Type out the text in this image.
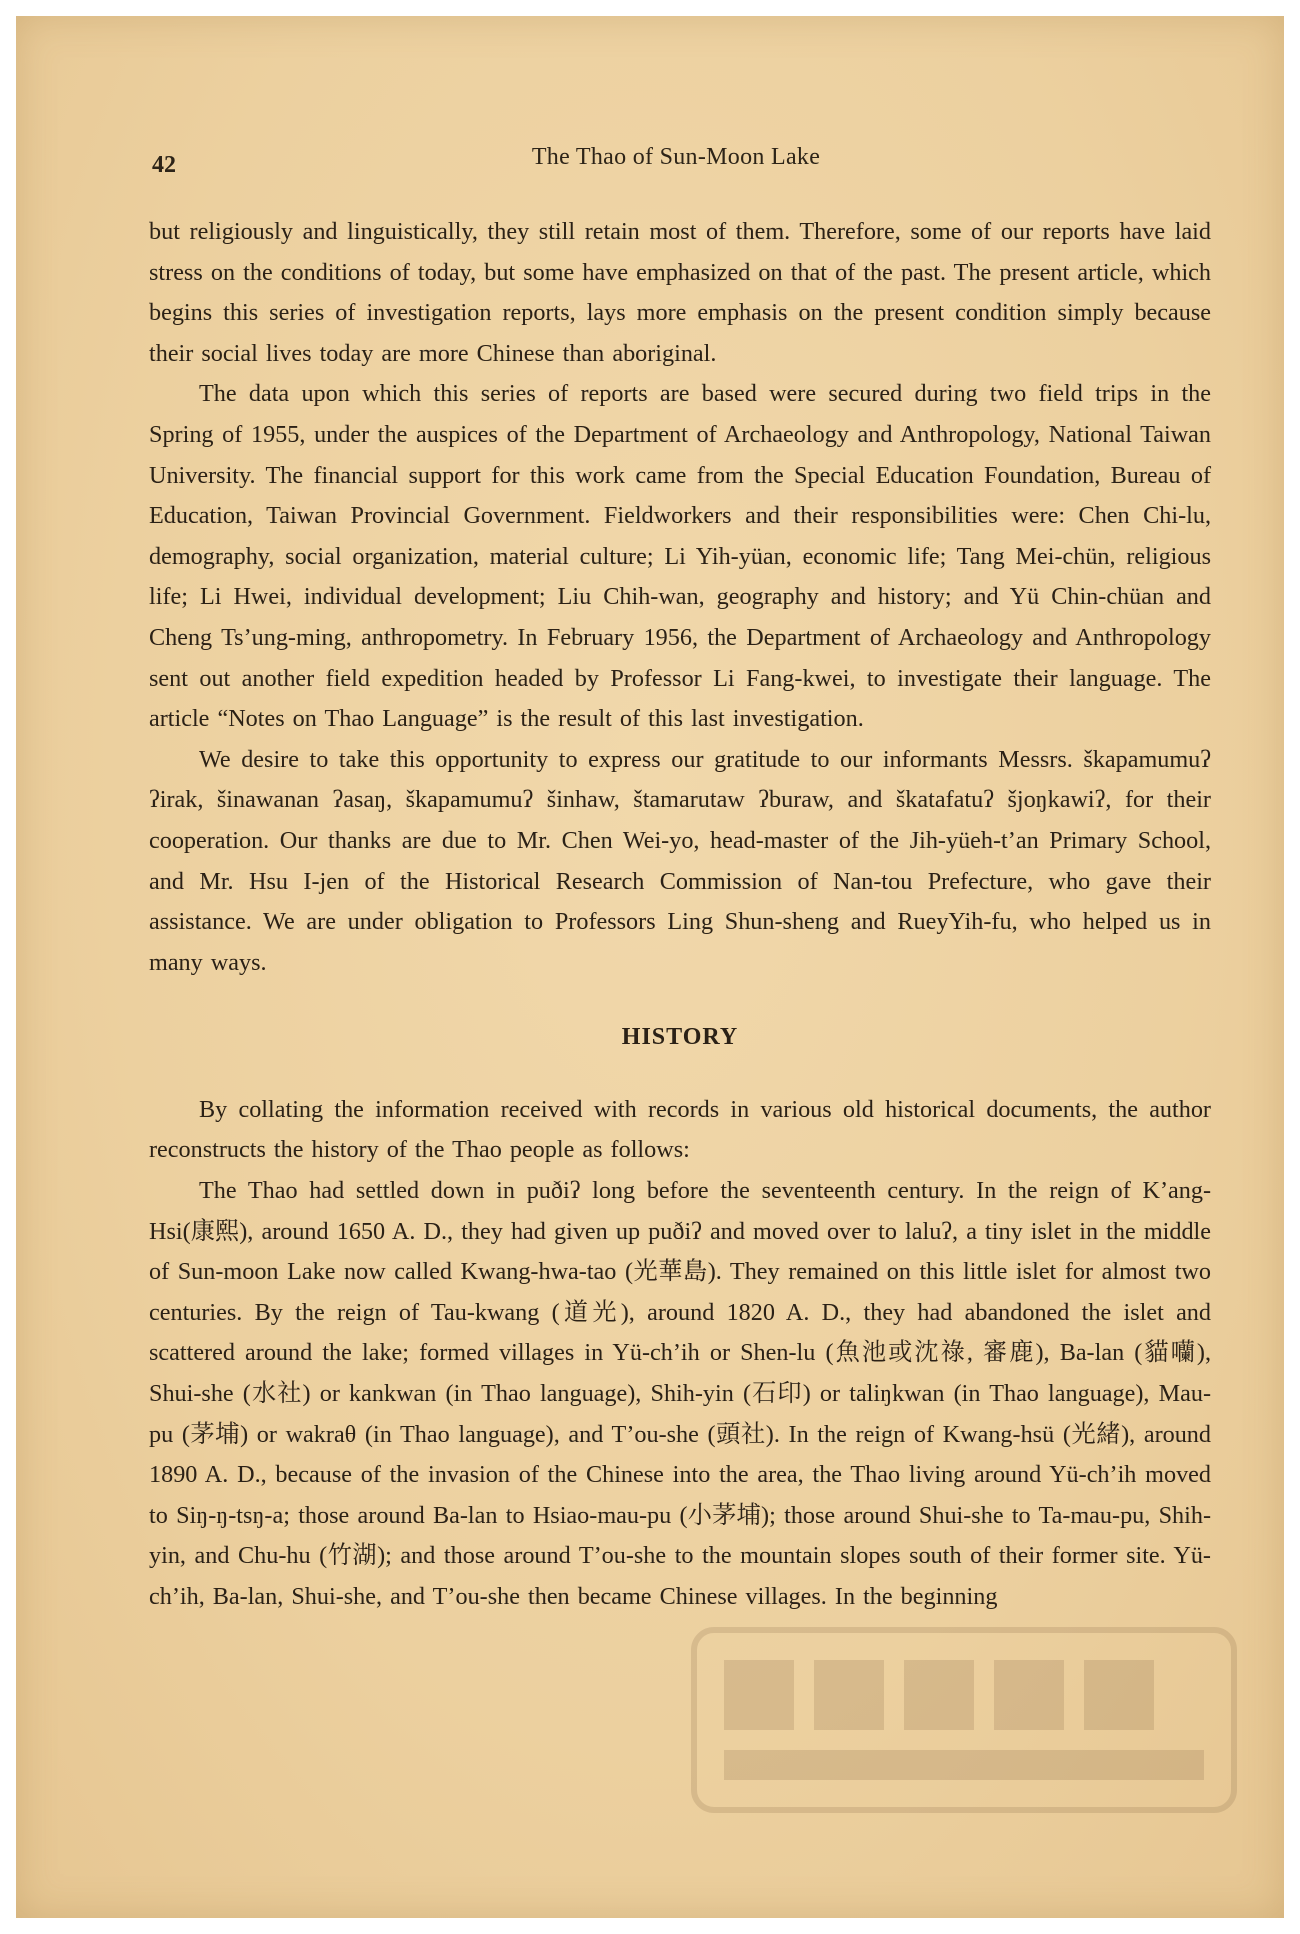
42	The Thao of Sun-Moon Lake

but religiously and linguistically, they still retain most of them. Therefore, some of our reports have laid stress on the conditions of today, but some have emphasized on that of the past. The present article, which begins this series of investigation reports, lays more emphasis on the present condition simply because their social lives today are more Chinese than aboriginal.

The data upon which this series of reports are based were secured during two field trips in the Spring of 1955, under the auspices of the Department of Archaeology and Anthropology, National Taiwan University. The financial support for this work came from the Special Education Foundation, Bureau of Education, Taiwan Provincial Government. Fieldworkers and their responsibilities were: Chen Chi-lu, demography, social organization, material culture; Li Yih-yüan, economic life; Tang Mei-chün, religious life; Li Hwei, individual development; Liu Chih-wan, geography and history; and Yü Chin-chüan and Cheng Ts’ung-ming, anthropometry. In February 1956, the Department of Archaeology and Anthropology sent out another field expedition headed by Professor Li Fang-kwei, to investigate their language. The article “Notes on Thao Language” is the result of this last investigation.

We desire to take this opportunity to express our gratitude to our informants Messrs. škapamumuʔ ʔirak, šinawanan ʔasaŋ, škapamumuʔ šinhaw, štamarutaw ʔburaw, and škatafatuʔ šjoŋkawiʔ, for their cooperation. Our thanks are due to Mr. Chen Wei-yo, head-master of the Jih-yüeh-t’an Primary School, and Mr. Hsu I-jen of the Historical Research Commission of Nan-tou Prefecture, who gave their assistance. We are under obligation to Professors Ling Shun-sheng and RueyYih-fu, who helped us in many ways.

HISTORY

By collating the information received with records in various old historical documents, the author reconstructs the history of the Thao people as follows:

The Thao had settled down in puðiʔ long before the seventeenth century. In the reign of K’ang-Hsi(康熙), around 1650 A. D., they had given up puðiʔ and moved over to laluʔ, a tiny islet in the middle of Sun-moon Lake now called Kwang-hwa-tao (光華島). They remained on this little islet for almost two centuries. By the reign of Tau-kwang (道光), around 1820 A. D., they had abandoned the islet and scattered around the lake; formed villages in Yü-ch’ih or Shen-lu (魚池或沈祿, 審鹿), Ba-lan (貓囒), Shui-she (水社) or kankwan (in Thao language), Shih-yin (石印) or taliŋkwan (in Thao language), Mau-pu (茅埔) or wakraθ (in Thao language), and T’ou-she (頭社). In the reign of Kwang-hsü (光緒), around 1890 A. D., because of the invasion of the Chinese into the area, the Thao living around Yü-ch’ih moved to Siŋ-ŋ-tsŋ-a; those around Ba-lan to Hsiao-mau-pu (小茅埔); those around Shui-she to Ta-mau-pu, Shih-yin, and Chu-hu (竹湖); and those around T’ou-she to the mountain slopes south of their former site. Yü-ch’ih, Ba-lan, Shui-she, and T’ou-she then became Chinese villages. In the beginning
